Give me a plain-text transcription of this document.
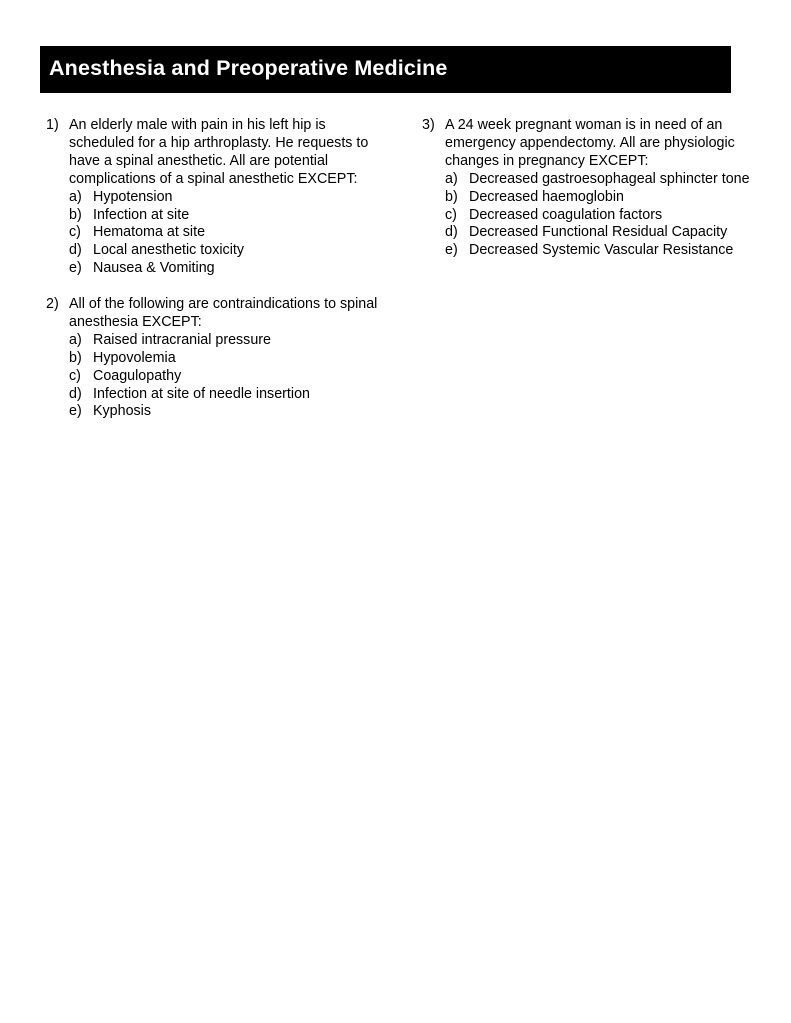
Anesthesia and Preoperative Medicine
1) An elderly male with pain in his left hip is scheduled for a hip arthroplasty. He requests to have a spinal anesthetic. All are potential complications of a spinal anesthetic EXCEPT:

a) Hypotension
b) Infection at site
c) Hematoma at site
d) Local anesthetic toxicity
e) Nausea & Vomiting
2) All of the following are contraindications to spinal anesthesia EXCEPT:

a) Raised intracranial pressure
b) Hypovolemia
c) Coagulopathy
d) Infection at site of needle insertion
e) Kyphosis
3) A 24 week pregnant woman is in need of an emergency appendectomy. All are physiologic changes in pregnancy EXCEPT:

a) Decreased gastroesophageal sphincter tone
b) Decreased haemoglobin
c) Decreased coagulation factors
d) Decreased Functional Residual Capacity
e) Decreased Systemic Vascular Resistance
